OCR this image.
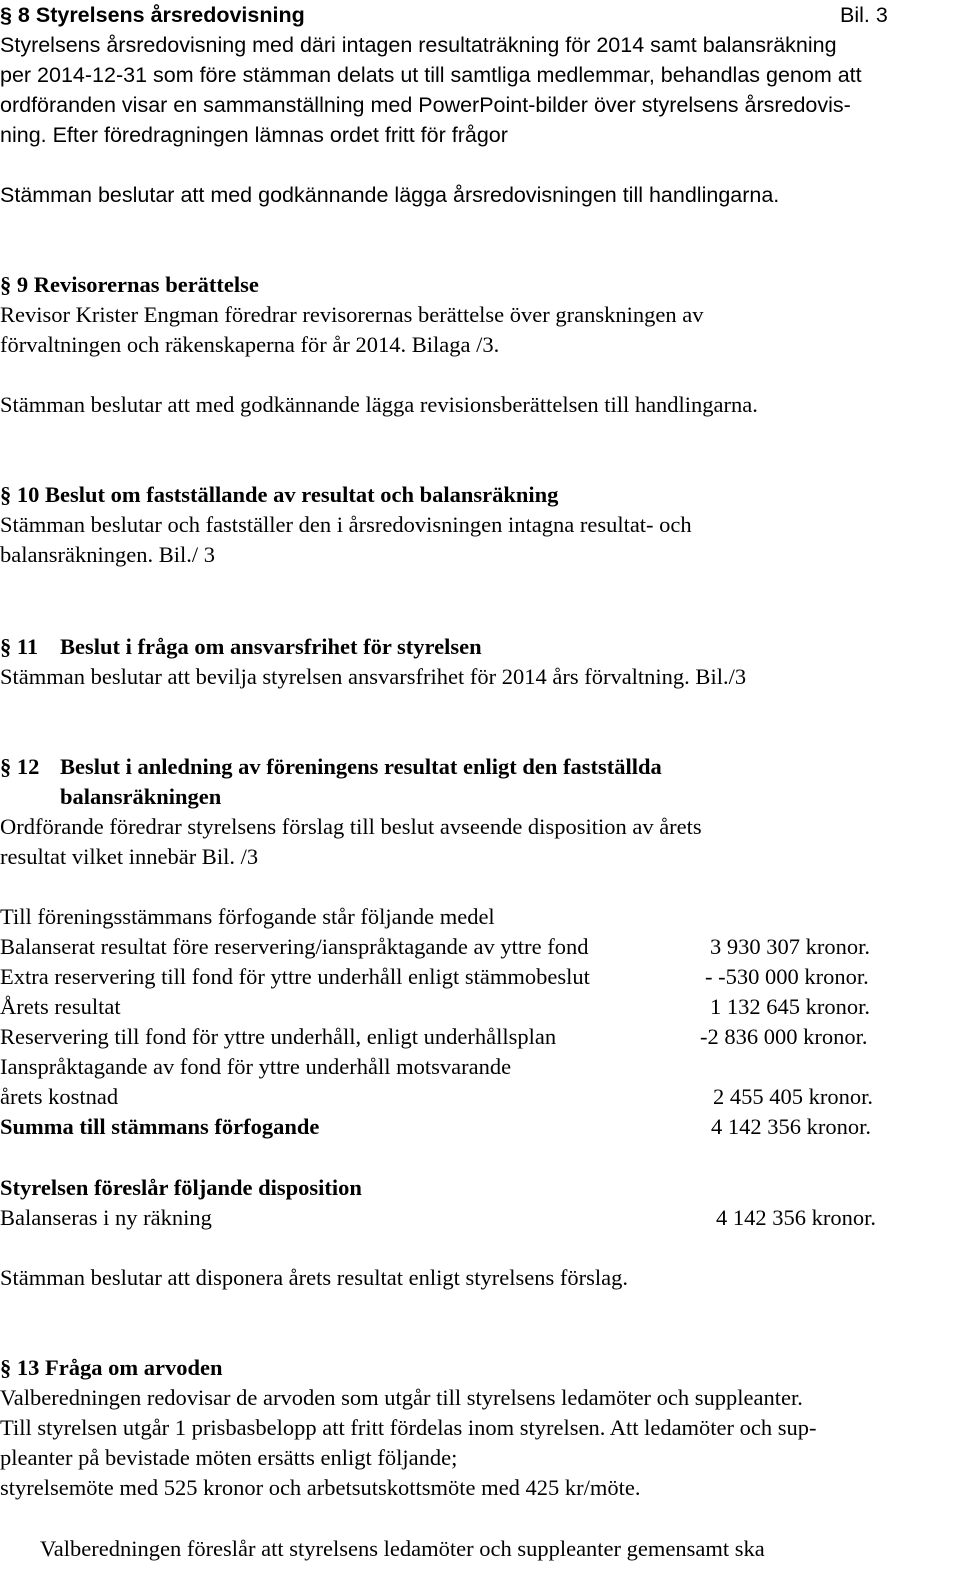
§ 8 Styrelsens årsredovisning	Bil. 3
Styrelsens årsredovisning med däri intagen resultaträkning för 2014 samt balansräkning
per 2014-12-31 som före stämman delats ut till samtliga medlemmar, behandlas genom att
ordföranden visar en sammanställning med PowerPoint-bilder över styrelsens årsredovis-
ning. Efter föredragningen lämnas ordet fritt för frågor
Stämman beslutar att med godkännande lägga årsredovisningen till handlingarna.
§ 9 Revisorernas berättelse
Revisor Krister Engman föredrar revisorernas berättelse över granskningen av
förvaltningen och räkenskaperna för år 2014. Bilaga /3.
Stämman beslutar att med godkännande lägga revisionsberättelsen till handlingarna.
§ 10 Beslut om fastställande av resultat och balansräkning
Stämman beslutar och fastställer den i årsredovisningen intagna resultat- och
balansräkningen. Bil./ 3
§ 11 Beslut i fråga om ansvarsfrihet för styrelsen
Stämman beslutar att bevilja styrelsen ansvarsfrihet för 2014 års förvaltning. Bil./3
§ 12 Beslut i anledning av föreningens resultat enligt den fastställda
balansräkningen
Ordförande föredrar styrelsens förslag till beslut avseende disposition av årets
resultat vilket innebär Bil. /3
Till föreningsstämmans förfogande står följande medel
Balanserat resultat före reservering/ianspråktagande av yttre fond	3 930 307 kronor.
Extra reservering till fond för yttre underhåll enligt stämmobeslut	- -530 000 kronor.
Årets resultat	1 132 645 kronor.
Reservering till fond för yttre underhåll, enligt underhållsplan	-2 836 000 kronor.
Ianspråktagande av fond för yttre underhåll motsvarande
årets kostnad	2 455 405 kronor.
Summa till stämmans förfogande	4 142 356 kronor.
Styrelsen föreslår följande disposition
Balanseras i ny räkning	4 142 356 kronor.
Stämman beslutar att disponera årets resultat enligt styrelsens förslag.
§ 13 Fråga om arvoden
Valberedningen redovisar de arvoden som utgår till styrelsens ledamöter och suppleanter.
Till styrelsen utgår 1 prisbasbelopp att fritt fördelas inom styrelsen. Att ledamöter och sup-
pleanter på bevistade möten ersätts enligt följande;
styrelsemöte med 525 kronor och arbetsutskottsmöte med 425 kr/möte.
Valberedningen föreslår att styrelsens ledamöter och suppleanter gemensamt ska
